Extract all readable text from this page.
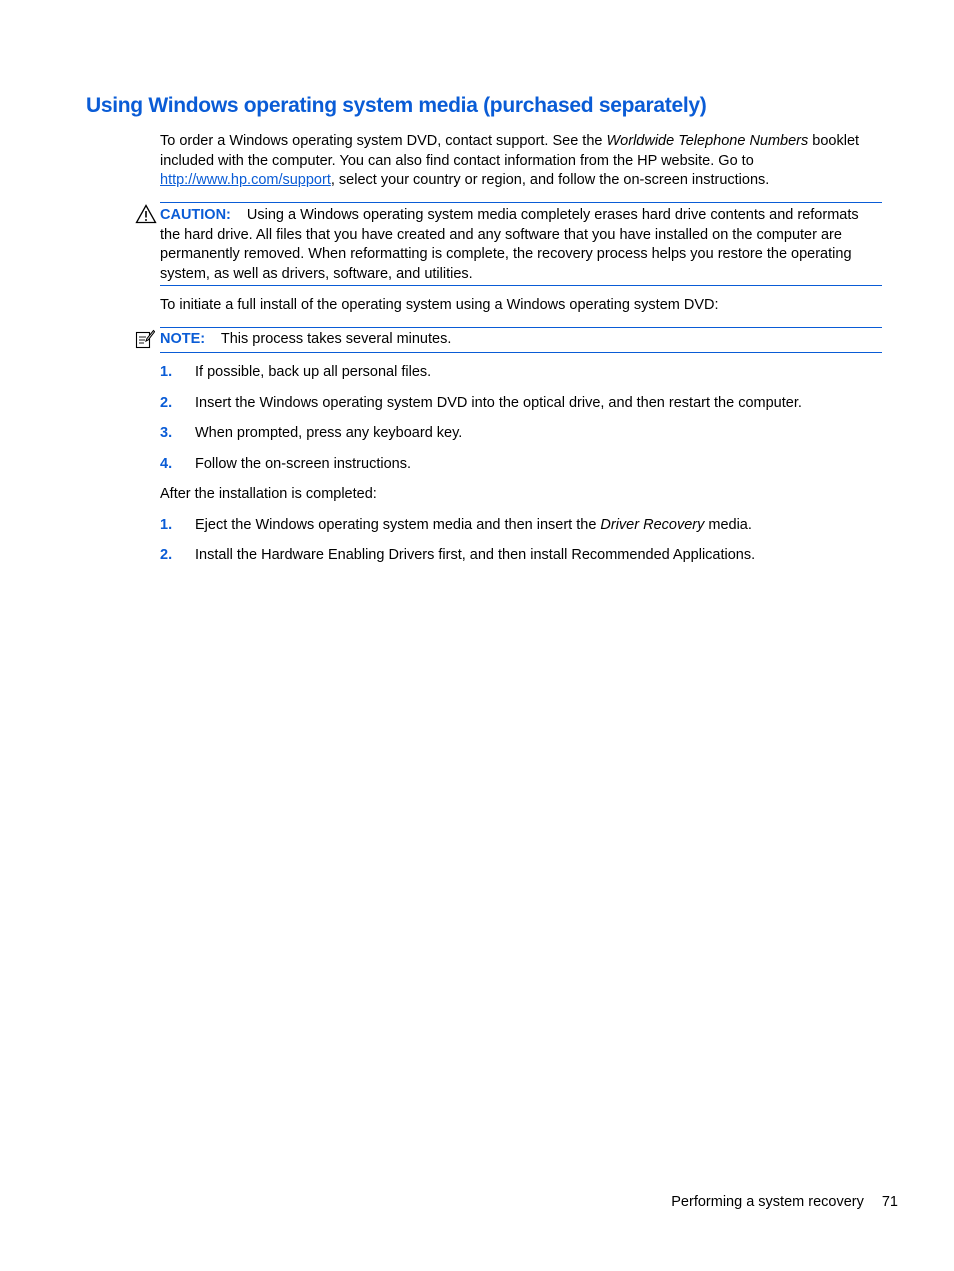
Using Windows operating system media (purchased separately)

To order a Windows operating system DVD, contact support. See the Worldwide Telephone Numbers booklet included with the computer. You can also find contact information from the HP website. Go to http://www.hp.com/support, select your country or region, and follow the on-screen instructions.

CAUTION: Using a Windows operating system media completely erases hard drive contents and reformats the hard drive. All files that you have created and any software that you have installed on the computer are permanently removed. When reformatting is complete, the recovery process helps you restore the operating system, as well as drivers, software, and utilities.

To initiate a full install of the operating system using a Windows operating system DVD:

NOTE: This process takes several minutes.

1. If possible, back up all personal files.
2. Insert the Windows operating system DVD into the optical drive, and then restart the computer.
3. When prompted, press any keyboard key.
4. Follow the on-screen instructions.

After the installation is completed:

1. Eject the Windows operating system media and then insert the Driver Recovery media.
2. Install the Hardware Enabling Drivers first, and then install Recommended Applications.
Performing a system recovery 71
